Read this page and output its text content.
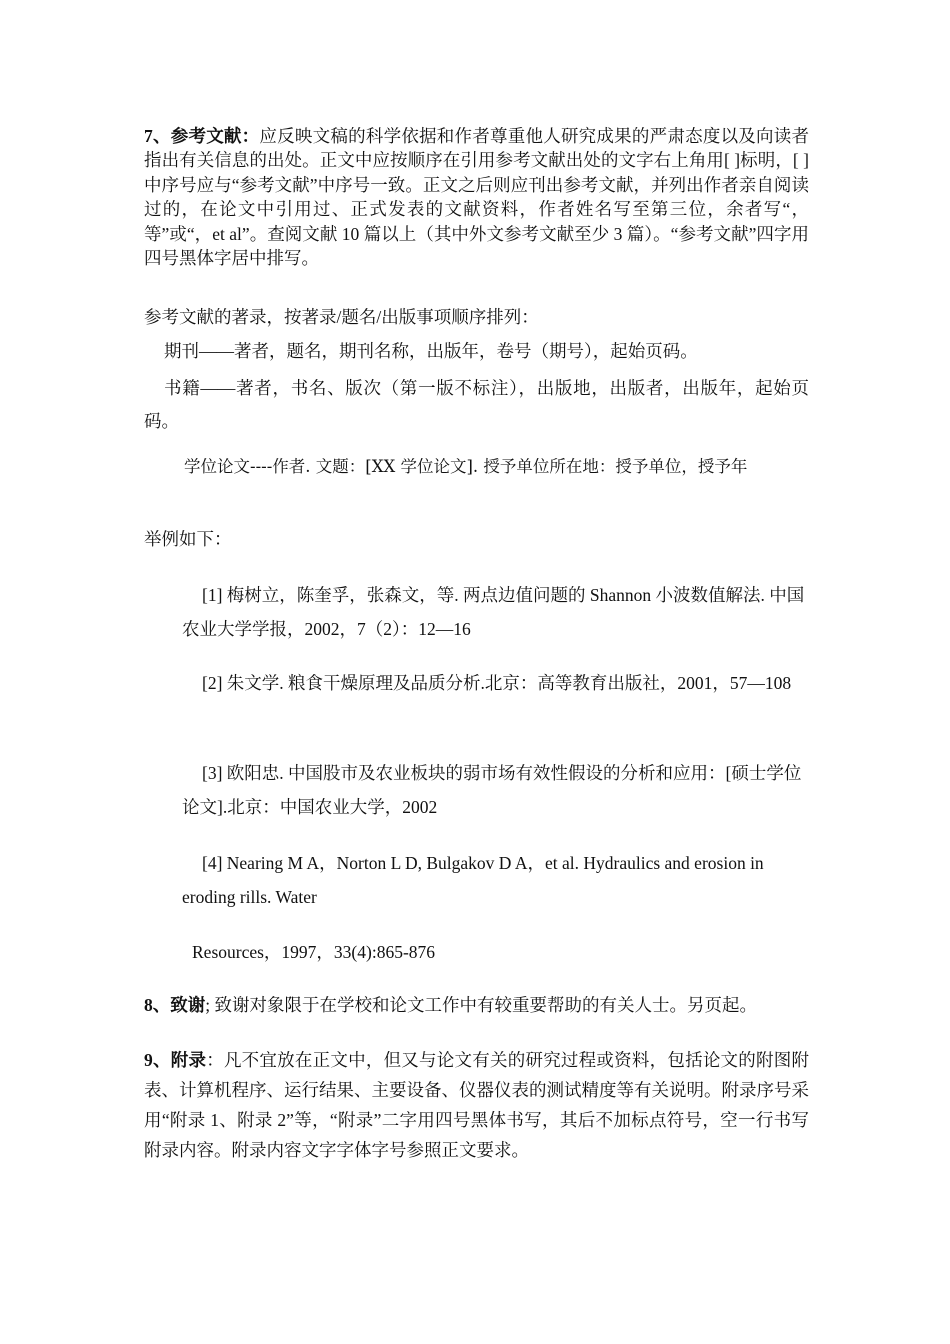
7、参考文献：应反映文稿的科学依据和作者尊重他人研究成果的严肃态度以及向读者指出有关信息的出处。正文中应按顺序在引用参考文献出处的文字右上角用[ ]标明，[ ]中序号应与“参考文献”中序号一致。正文之后则应刊出参考文献，并列出作者亲自阅读过的，在论文中引用过、正式发表的文献资料，作者姓名写至第三位，余者写“，等”或“，et al”。查阅文献 10 篇以上（其中外文参考文献至少 3 篇）。“参考文献”四字用四号黑体字居中排写。

参考文献的著录，按著录/题名/出版事项顺序排列：

期刊——著者，题名，期刊名称，出版年，卷号（期号），起始页码。

书籍——著者，书名、版次（第一版不标注），出版地，出版者，出版年，起始页码。

学位论文----作者. 文题：[XX 学位论文]. 授予单位所在地：授予单位，授予年

举例如下：

[1] 梅树立，陈奎孚，张森文，等. 两点边值问题的 Shannon 小波数值解法. 中国农业大学学报，2002，7（2）：12—16

[2] 朱文学. 粮食干燥原理及品质分析.北京：高等教育出版社，2001，57—108

[3] 欧阳忠. 中国股市及农业板块的弱市场有效性假设的分析和应用：[硕士学位论文].北京：中国农业大学，2002

[4] Nearing M A，Norton L D, Bulgakov D A，et al. Hydraulics and erosion in eroding rills. Water

Resources，1997，33(4):865-876

8、致谢; 致谢对象限于在学校和论文工作中有较重要帮助的有关人士。另页起。

9、附录：凡不宜放在正文中，但又与论文有关的研究过程或资料，包括论文的附图附表、计算机程序、运行结果、主要设备、仪器仪表的测试精度等有关说明。附录序号采用“附录 1、附录 2”等，“附录”二字用四号黑体书写，其后不加标点符号，空一行书写附录内容。附录内容文字字体字号参照正文要求。
